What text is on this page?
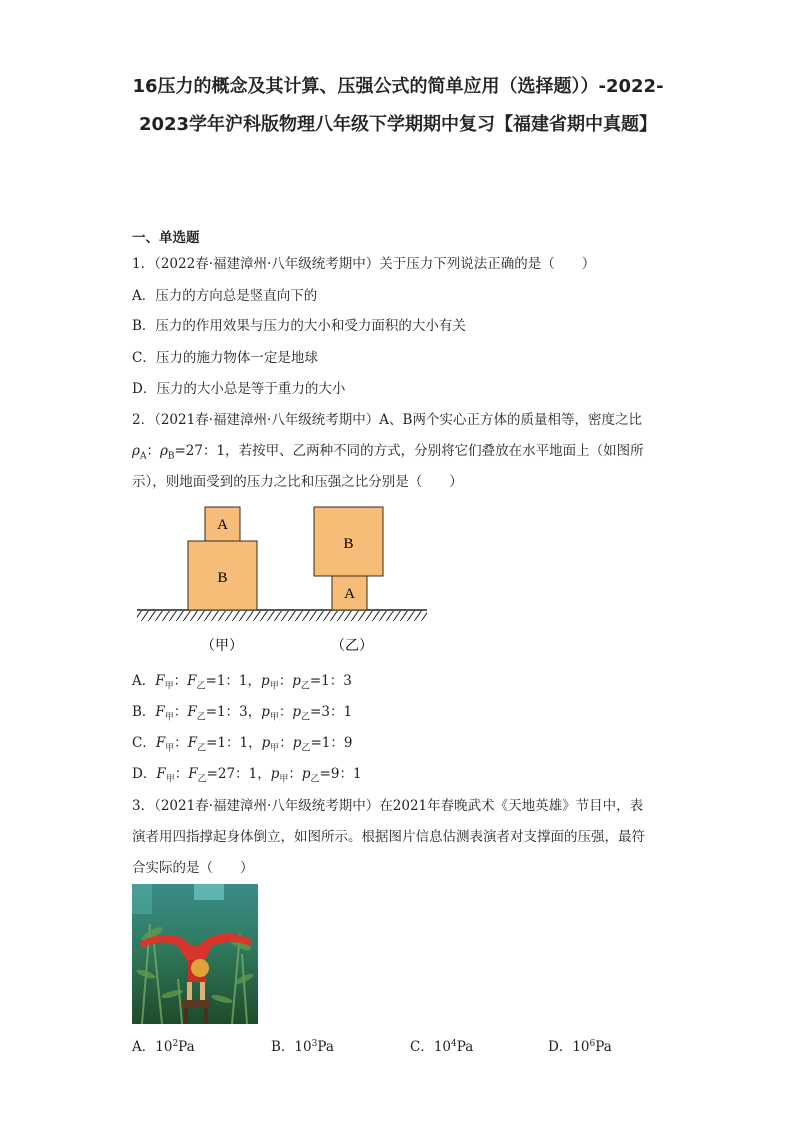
16压力的概念及其计算、压强公式的简单应用（选择题））-2022-2023学年沪科版物理八年级下学期期中复习【福建省期中真题】
一、单选题
1．（2022春·福建漳州·八年级统考期中）关于压力下列说法正确的是（　　）
A．压力的方向总是竖直向下的
B．压力的作用效果与压力的大小和受力面积的大小有关
C．压力的施力物体一定是地球
D．压力的大小总是等于重力的大小
2．（2021春·福建漳州·八年级统考期中）A、B两个实心正方体的质量相等，密度之比
$\rho_A$：$\rho_B=27$：1，若按甲、乙两种不同的方式，分别将它们叠放在水平地面上（如图所
示），则地面受到的压力之比和压强之比分别是（　　）
B
A
A
B
（甲）	（乙）
A．$F_甲$：$F_乙=1$：1，$p_甲$：$p_乙=1$：3
B．$F_甲$：$F_乙=1$：3，$p_甲$：$p_乙=3$：1
C．$F_甲$：$F_乙=1$：1，$p_甲$：$p_乙=1$：9
D．$F_甲$：$F_乙=27$：1，$p_甲$：$p_乙=9$：1
3．（2021春·福建漳州·八年级统考期中）在2021年春晚武术《天地英雄》节目中，表
演者用四指撑起身体倒立，如图所示。根据图片信息估测表演者对支撑面的压强，最符
合实际的是（　　）
A．$10^2Pa$	B．$10^3Pa$	C．$10^4Pa$	D．$10^6Pa$
